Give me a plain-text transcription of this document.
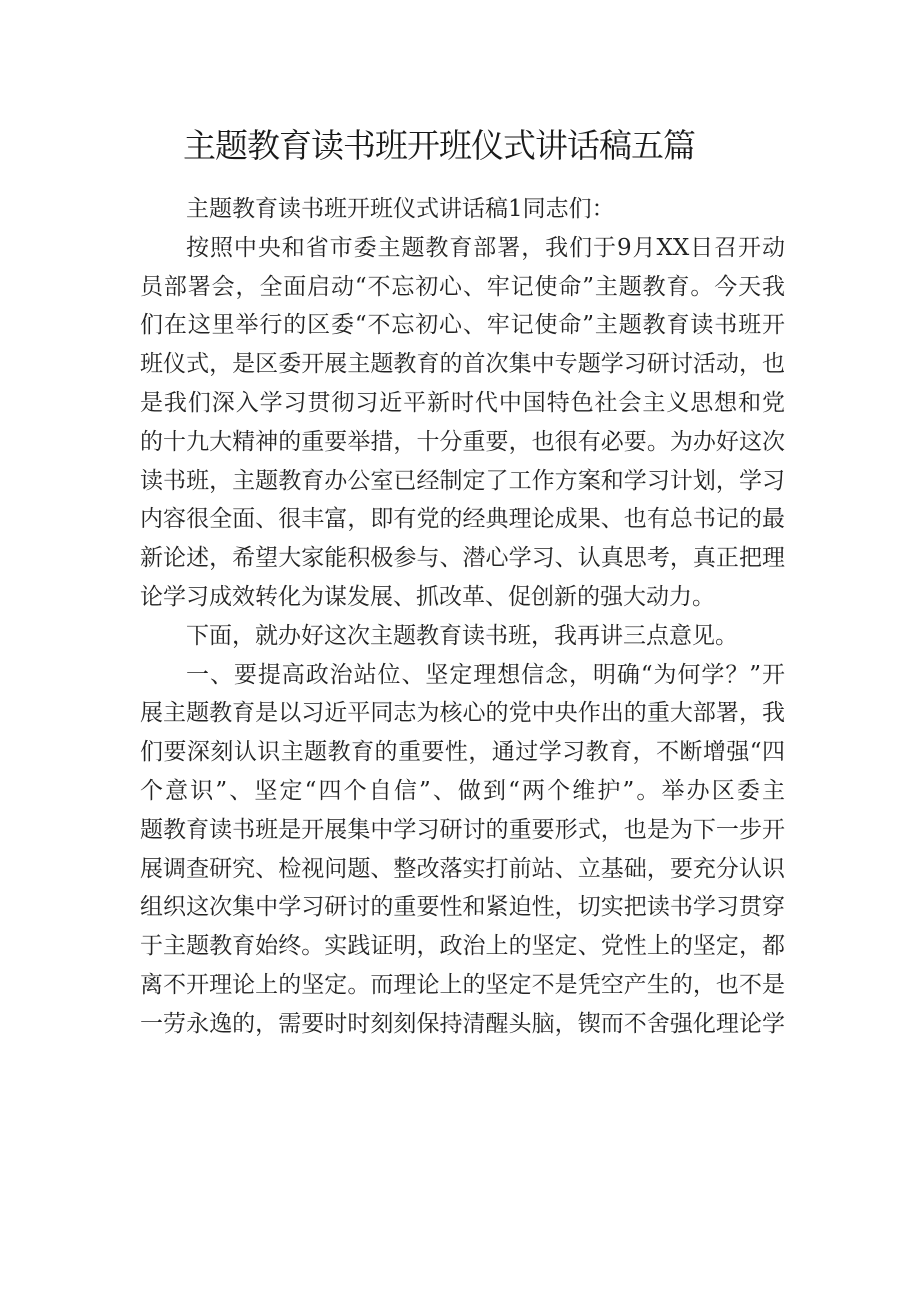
主题教育读书班开班仪式讲话稿五篇
主题教育读书班开班仪式讲话稿1同志们：
按照中央和省市委主题教育部署，我们于9月XX日召开动
员部署会，全面启动“不忘初心、牢记使命”主题教育。今天我
们在这里举行的区委“不忘初心、牢记使命”主题教育读书班开
班仪式，是区委开展主题教育的首次集中专题学习研讨活动，也
是我们深入学习贯彻习近平新时代中国特色社会主义思想和党
的十九大精神的重要举措，十分重要，也很有必要。为办好这次
读书班，主题教育办公室已经制定了工作方案和学习计划，学习
内容很全面、很丰富，即有党的经典理论成果、也有总书记的最
新论述，希望大家能积极参与、潜心学习、认真思考，真正把理
论学习成效转化为谋发展、抓改革、促创新的强大动力。
下面，就办好这次主题教育读书班，我再讲三点意见。
一、要提高政治站位、坚定理想信念，明确“为何学？”开
展主题教育是以习近平同志为核心的党中央作出的重大部署，我
们要深刻认识主题教育的重要性，通过学习教育，不断增强“四
个意识”、坚定“四个自信”、做到“两个维护”。举办区委主
题教育读书班是开展集中学习研讨的重要形式，也是为下一步开
展调查研究、检视问题、整改落实打前站、立基础，要充分认识
组织这次集中学习研讨的重要性和紧迫性，切实把读书学习贯穿
于主题教育始终。实践证明，政治上的坚定、党性上的坚定，都
离不开理论上的坚定。而理论上的坚定不是凭空产生的，也不是
一劳永逸的，需要时时刻刻保持清醒头脑，锲而不舍强化理论学
